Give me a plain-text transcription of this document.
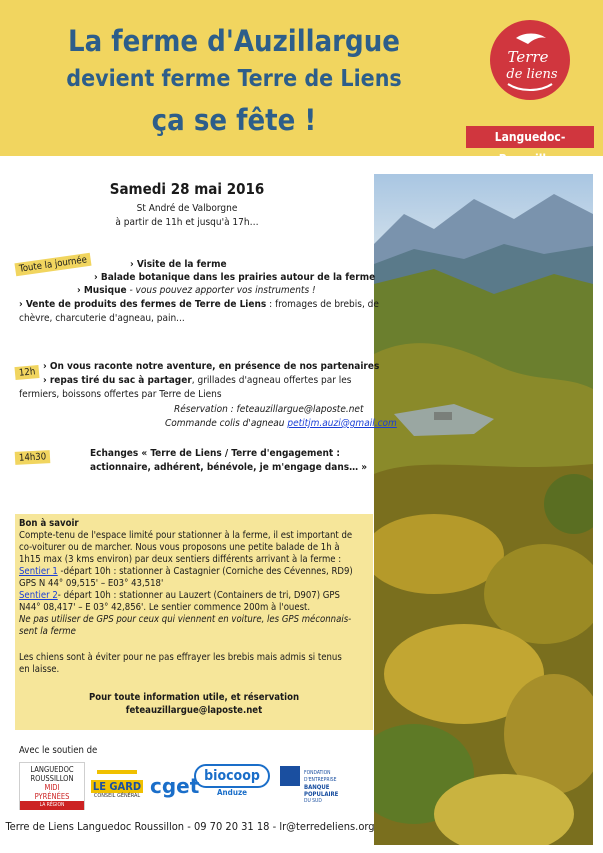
La ferme d'Auzillargue
devient ferme Terre de Liens
ça se fête !
Terre
de liens
Languedoc-Roussillon
Samedi 28 mai 2016
St André de Valborgne
à partir de 11h et jusqu'à 17h…
Toute la journée	› Visite de la ferme
› Balade botanique dans les prairies autour de la ferme
› Musique - vous pouvez apporter vos instruments !
› Vente de produits des fermes de Terre de Liens : fromages de brebis, de
chèvre, charcuterie d'agneau, pain...
12h › On vous raconte notre aventure, en présence de nos partenaires
› repas tiré du sac à partager, grillades d'agneau offertes par les
fermiers, boissons offertes par Terre de Liens
Réservation : feteauzillargue@laposte.net
Commande colis d'agneau petitjm.auzi@gmail.com
14h30	Echanges « Terre de Liens / Terre d'engagement :
actionnaire, adhérent, bénévole, je m'engage dans… »
Bon à savoir
Compte-tenu de l'espace limité pour stationner à la ferme, il est important de
co-voiturer ou de marcher. Nous vous proposons une petite balade de 1h à
1h15 max (3 kms environ) par deux sentiers différents arrivant à la ferme :
Sentier 1 -départ 10h : stationner à Castagnier (Corniche des Cévennes, RD9)
GPS N 44° 09,515' – E03° 43,518'
Sentier 2- départ 10h : stationner au Lauzert (Containers de tri, D907) GPS
N44° 08,417' – E 03° 42,856'. Le sentier commence 200m à l'ouest.
Ne pas utiliser de GPS pour ceux qui viennent en voiture, les GPS méconnais-
sent la ferme
Les chiens sont à éviter pour ne pas effrayer les brebis mais admis si tenus
en laisse.
Pour toute information utile, et réservation
feteauzillargue@laposte.net
Avec le soutien de
LANGUEDOC
ROUSSILLON
MIDI
PYRÉNÉES
LA RÉGION
LE GARD
CONSEIL GÉNÉRAL cget biocoop
Anduze
FONDATION D'ENTREPRISE
BANQUE POPULAIRE
DU SUD
Terre de Liens Languedoc Roussillon - 09 70 20 31 18 - lr@terredeliens.org
